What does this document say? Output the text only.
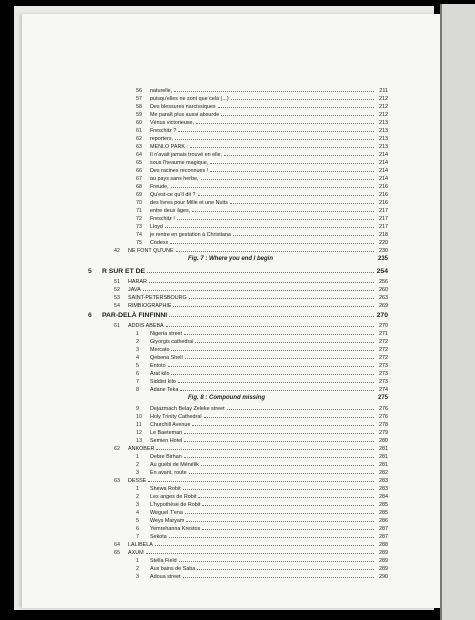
56	naturelle,	211
57	puisqu'elles ne sont que cela (...)	212
58	Des blessures narcissiques	212
59	Me paraît plus aussi absurde	212
60	Vénus victorieuse,	213
61	Freschitz ?	213
62	reporters,	213
63	MENLO PARK :	213
64	Il n'avait jamais trouvé en elle,	214
65	sous l'heaume magique,	214
66	Des racines reconnues !	214
67	au pays sans herbe,	214
68	Freude,	216
69	Qu'est-ce qu'il dit ?	216
70	des livres pour Mille et une Nuits	216
71	entre deux âges,	217
72	Freschitz !	217
73	Lloyd	217
74	je rentre en gestation à Christiana	218
75	Codexx	220
42	NE FONT QU'UNE	230
Fig. 7 : Where you end I begin	235
5	R SUR ET DE	254
51	HARAR	256
52	JAVA	260
53	SAINT-PETERSBOURG	263
54	RIMBIOGRAPHIE	269
6	PAR-DELÀ FINFINNI	270
61	ADDIS ABEBA	270
1	Nigeria street	271
2	Giyorgis cathedral	272
3	Mercato	272
4	Qebena Shell	272
5	Entoto	273
6	Arat kilo	273
7	Siddist kilo	273
8	Adane Teka	274
Fig. 8 : Compound missing	275
9	Dejazmach Belay Zeleke street	276
10	Holy Trinity Cathedral	276
11	Churchill Avenue	278
12	Le Baeteman	279
13	Semien Hotel	280
62	ANKOBER	281
1	Debre Birhan	281
2	Au guébi de Ménélik	281
3	En avant, route	282
63	DESSE	283
1	Shewa Robit	283
2	Les anges de Robit	284
3	L'hypothèse de Robit	285
4	Weguel T'ena	285
5	Weys Maryam	286
6	Yemrehanna Krestos	287
7	Sekota	287
64	LALIBELA	288
65	AXUM	289
1	Stella Field	289
2	Aux bains de Saba	289
3	Adoua street	290
